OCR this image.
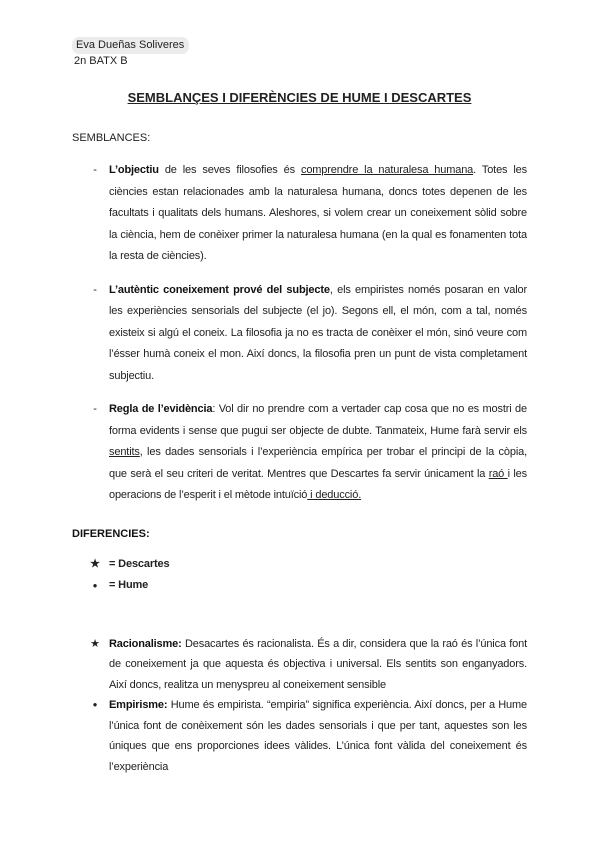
Eva Dueñas Soliveres
2n BATX B
SEMBLANÇES I DIFERÈNCIES DE HUME I DESCARTES
SEMBLANCES:
-	L’objectiu de les seves filosofies és comprendre la naturalesa humana. Totes les ciències estan relacionades amb la naturalesa humana, doncs totes depenen de les facultats i qualitats dels humans. Aleshores, si volem crear un coneixement sòlid sobre la ciència, hem de conèixer primer la naturalesa humana (en la qual es fonamenten tota la resta de ciències).
-	L’autèntic coneixement prové del subjecte, els empiristes només posaran en valor les experiències sensorials del subjecte (el jo). Segons ell, el món, com a tal, només existeix si algú el coneix. La filosofia ja no es tracta de conèixer el món, sinó veure com l’ésser humà coneix el mon. Així doncs, la filosofia pren un punt de vista completament subjectiu.
-	Regla de l’evidència: Vol dir no prendre com a vertader cap cosa que no es mostri de forma evidents i sense que pugui ser objecte de dubte. Tanmateix, Hume farà servir els sentits, les dades sensorials i l’experiència empírica per trobar el principi de la còpia, que serà el seu criteri de veritat. Mentres que Descartes fa servir únicament la raó i les operacions de l’esperit i el mètode intuïció i deducció.
DIFERENCIES:
★ = Descartes
●	= Hume
★ Racionalisme: Desacartes és racionalista. És a dir, considera que la raó és l’única font de coneixement ja que aquesta és objectiva i universal. Els sentits son enganyadors. Així doncs, realitza un menyspreu al coneixement sensible
●	Empirisme: Hume és empirista. “empiria” significa experiència. Així doncs, per a Hume l’única font de conèixement són les dades sensorials i que per tant, aquestes son les úniques que ens proporciones idees vàlides. L’única font vàlida del coneixement és l’experiència
